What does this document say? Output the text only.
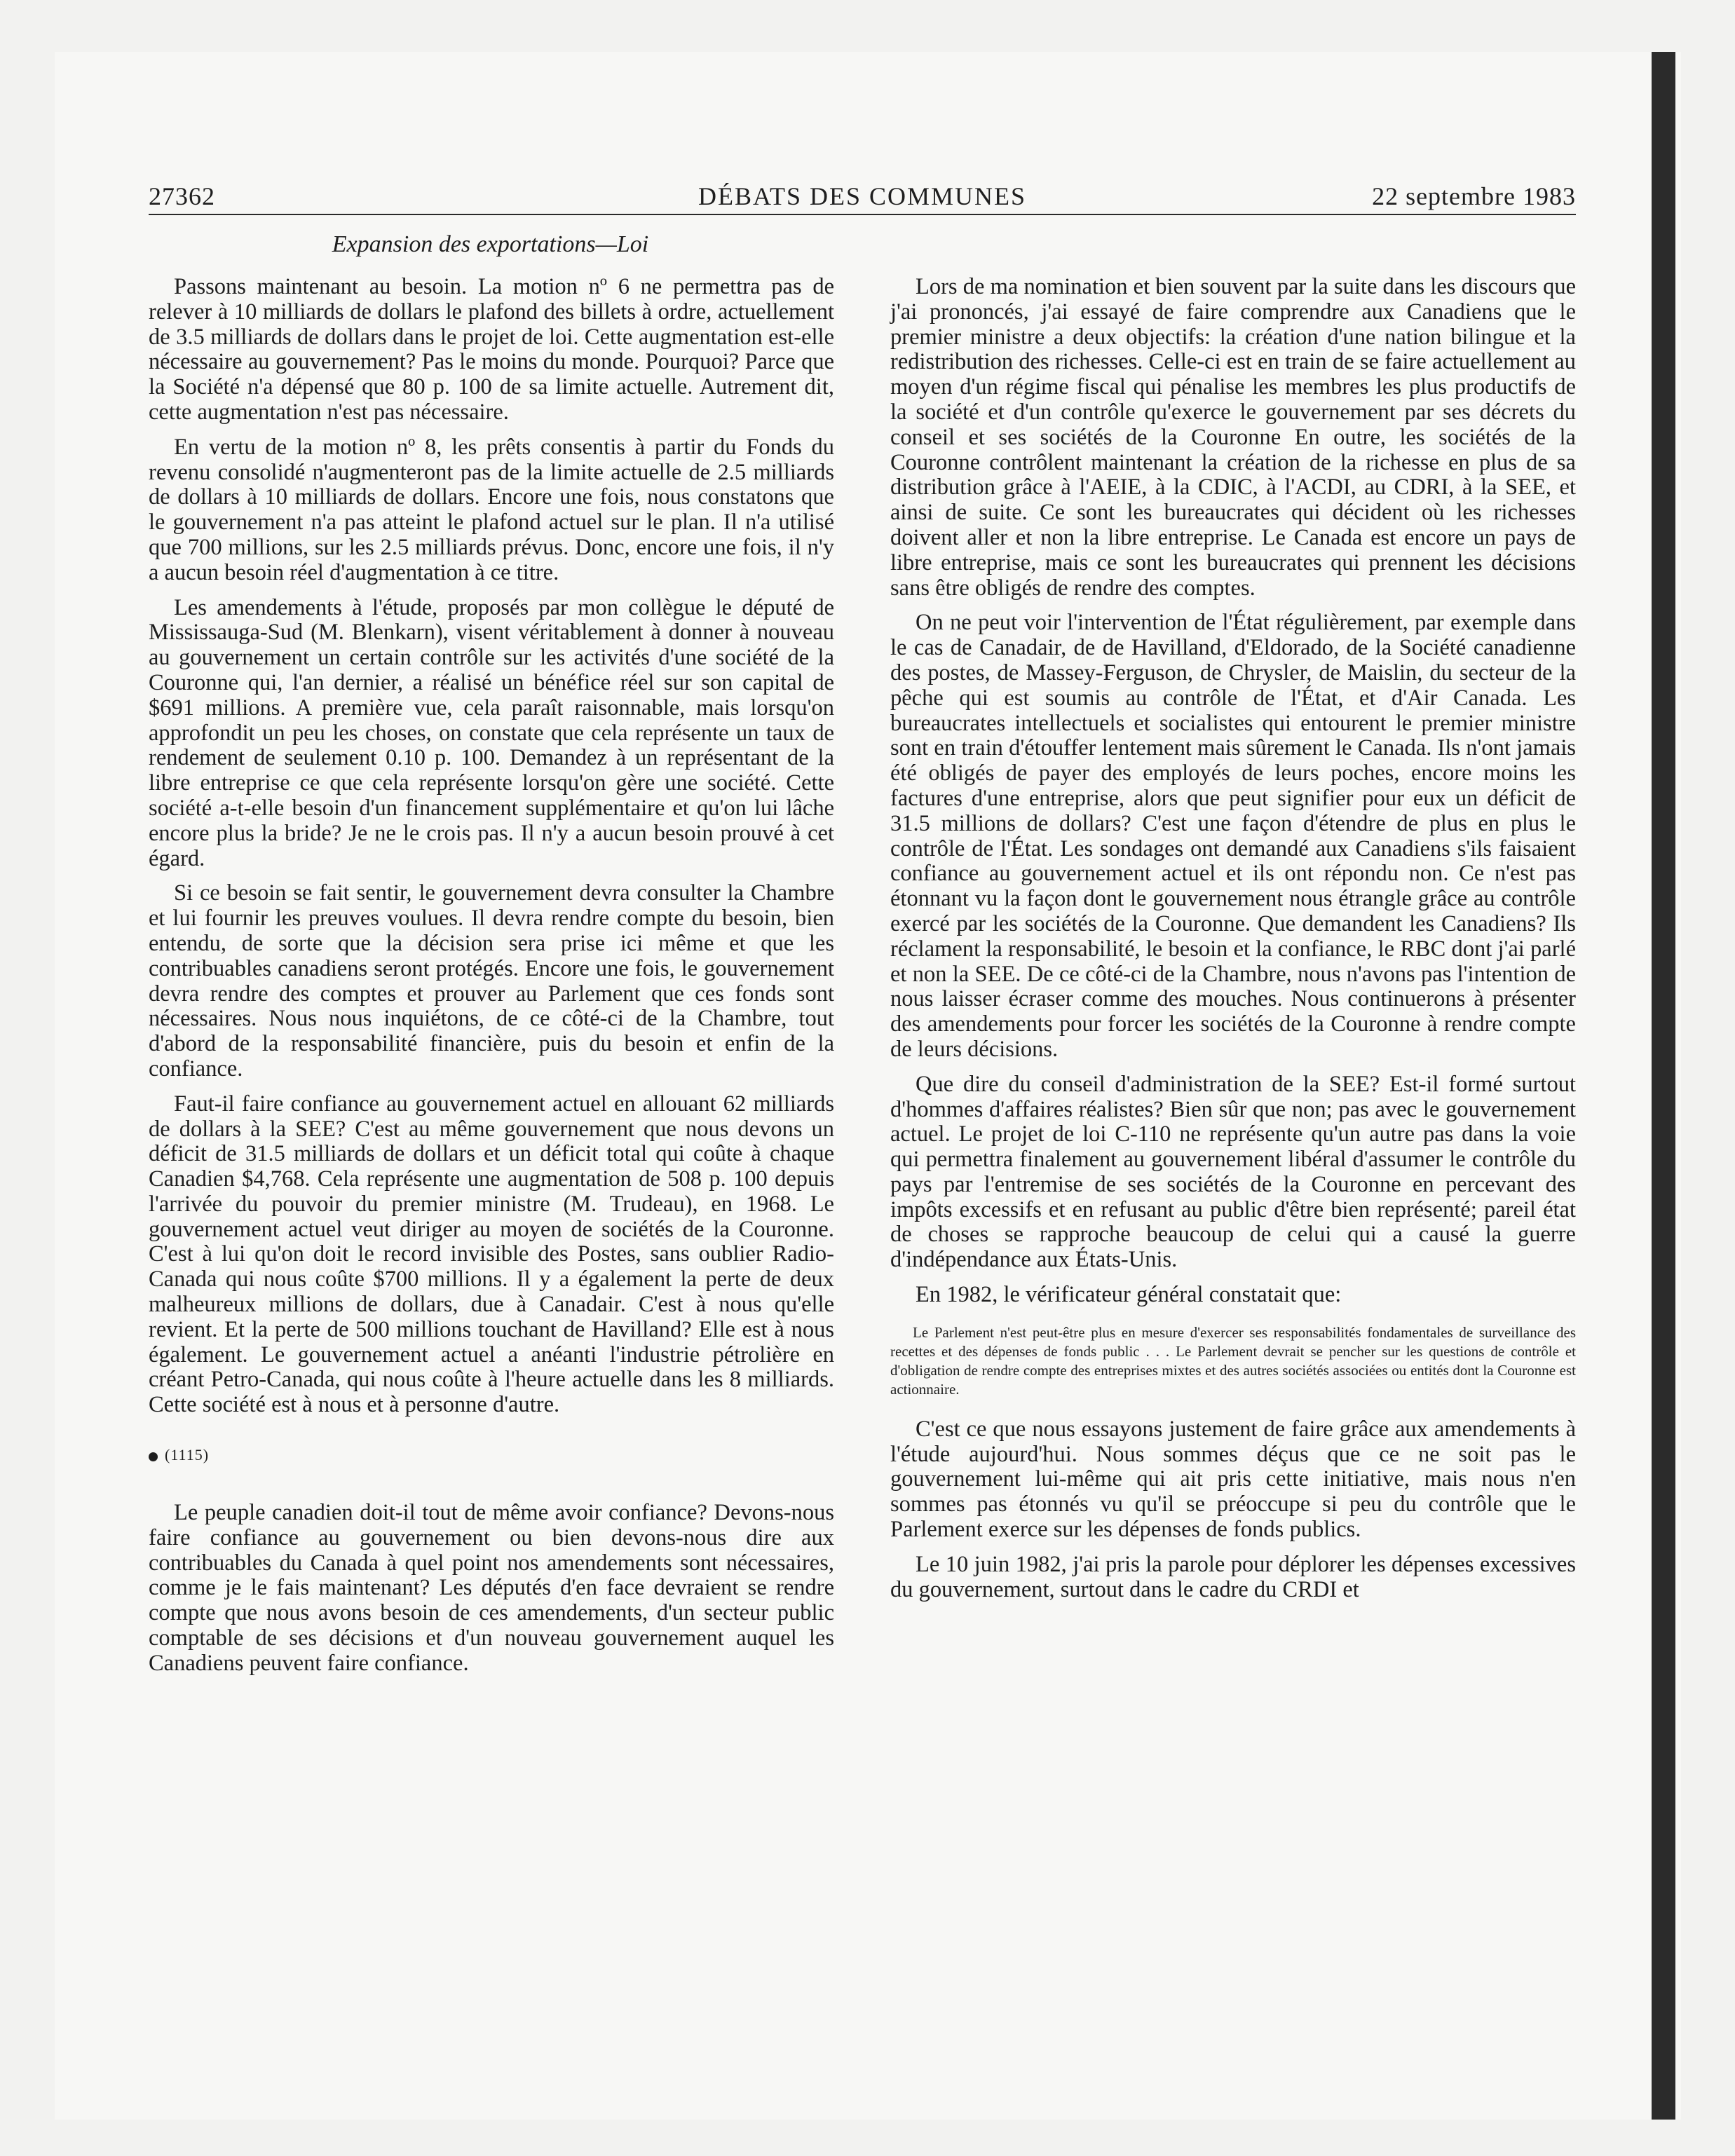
27362	DÉBATS DES COMMUNES	22 septembre 1983
Expansion des exportations—Loi

Passons maintenant au besoin. La motion nº 6 ne permettra pas de relever à 10 milliards de dollars le plafond des billets à ordre, actuellement de 3.5 milliards de dollars dans le projet de loi. Cette augmentation est-elle nécessaire au gouvernement? Pas le moins du monde. Pourquoi? Parce que la Société n'a dépensé que 80 p. 100 de sa limite actuelle. Autrement dit, cette augmentation n'est pas nécessaire.

En vertu de la motion nº 8, les prêts consentis à partir du Fonds du revenu consolidé n'augmenteront pas de la limite actuelle de 2.5 milliards de dollars à 10 milliards de dollars. Encore une fois, nous constatons que le gouvernement n'a pas atteint le plafond actuel sur le plan. Il n'a utilisé que 700 millions, sur les 2.5 milliards prévus. Donc, encore une fois, il n'y a aucun besoin réel d'augmentation à ce titre.

Les amendements à l'étude, proposés par mon collègue le député de Mississauga-Sud (M. Blenkarn), visent véritablement à donner à nouveau au gouvernement un certain contrôle sur les activités d'une société de la Couronne qui, l'an dernier, a réalisé un bénéfice réel sur son capital de $691 millions. A première vue, cela paraît raisonnable, mais lorsqu'on approfondit un peu les choses, on constate que cela représente un taux de rendement de seulement 0.10 p. 100. Demandez à un représentant de la libre entreprise ce que cela représente lorsqu'on gère une société. Cette société a-t-elle besoin d'un financement supplémentaire et qu'on lui lâche encore plus la bride? Je ne le crois pas. Il n'y a aucun besoin prouvé à cet égard.

Si ce besoin se fait sentir, le gouvernement devra consulter la Chambre et lui fournir les preuves voulues. Il devra rendre compte du besoin, bien entendu, de sorte que la décision sera prise ici même et que les contribuables canadiens seront protégés. Encore une fois, le gouvernement devra rendre des comptes et prouver au Parlement que ces fonds sont nécessaires. Nous nous inquiétons, de ce côté-ci de la Chambre, tout d'abord de la responsabilité financière, puis du besoin et enfin de la confiance.

Faut-il faire confiance au gouvernement actuel en allouant 62 milliards de dollars à la SEE? C'est au même gouvernement que nous devons un déficit de 31.5 milliards de dollars et un déficit total qui coûte à chaque Canadien $4,768. Cela représente une augmentation de 508 p. 100 depuis l'arrivée du pouvoir du premier ministre (M. Trudeau), en 1968. Le gouvernement actuel veut diriger au moyen de sociétés de la Couronne. C'est à lui qu'on doit le record invisible des Postes, sans oublier Radio-Canada qui nous coûte $700 millions. Il y a également la perte de deux malheureux millions de dollars, due à Canadair. C'est à nous qu'elle revient. Et la perte de 500 millions touchant de Havilland? Elle est à nous également. Le gouvernement actuel a anéanti l'industrie pétrolière en créant Petro-Canada, qui nous coûte à l'heure actuelle dans les 8 milliards. Cette société est à nous et à personne d'autre.

(1115)

Le peuple canadien doit-il tout de même avoir confiance? Devons-nous faire confiance au gouvernement ou bien devons-nous dire aux contribuables du Canada à quel point nos amendements sont nécessaires, comme je le fais maintenant? Les députés d'en face devraient se rendre compte que nous avons besoin de ces amendements, d'un secteur public comptable de ses décisions et d'un nouveau gouvernement auquel les Canadiens peuvent faire confiance.

Lors de ma nomination et bien souvent par la suite dans les discours que j'ai prononcés, j'ai essayé de faire comprendre aux Canadiens que le premier ministre a deux objectifs: la création d'une nation bilingue et la redistribution des richesses. Celle-ci est en train de se faire actuellement au moyen d'un régime fiscal qui pénalise les membres les plus productifs de la société et d'un contrôle qu'exerce le gouvernement par ses décrets du conseil et ses sociétés de la Couronne En outre, les sociétés de la Couronne contrôlent maintenant la création de la richesse en plus de sa distribution grâce à l'AEIE, à la CDIC, à l'ACDI, au CDRI, à la SEE, et ainsi de suite. Ce sont les bureaucrates qui décident où les richesses doivent aller et non la libre entreprise. Le Canada est encore un pays de libre entreprise, mais ce sont les bureaucrates qui prennent les décisions sans être obligés de rendre des comptes.

On ne peut voir l'intervention de l'État régulièrement, par exemple dans le cas de Canadair, de de Havilland, d'Eldorado, de la Société canadienne des postes, de Massey-Ferguson, de Chrysler, de Maislin, du secteur de la pêche qui est soumis au contrôle de l'État, et d'Air Canada. Les bureaucrates intellectuels et socialistes qui entourent le premier ministre sont en train d'étouffer lentement mais sûrement le Canada. Ils n'ont jamais été obligés de payer des employés de leurs poches, encore moins les factures d'une entreprise, alors que peut signifier pour eux un déficit de 31.5 millions de dollars? C'est une façon d'étendre de plus en plus le contrôle de l'État. Les sondages ont demandé aux Canadiens s'ils faisaient confiance au gouvernement actuel et ils ont répondu non. Ce n'est pas étonnant vu la façon dont le gouvernement nous étrangle grâce au contrôle exercé par les sociétés de la Couronne. Que demandent les Canadiens? Ils réclament la responsabilité, le besoin et la confiance, le RBC dont j'ai parlé et non la SEE. De ce côté-ci de la Chambre, nous n'avons pas l'intention de nous laisser écraser comme des mouches. Nous continuerons à présenter des amendements pour forcer les sociétés de la Couronne à rendre compte de leurs décisions.

Que dire du conseil d'administration de la SEE? Est-il formé surtout d'hommes d'affaires réalistes? Bien sûr que non; pas avec le gouvernement actuel. Le projet de loi C-110 ne représente qu'un autre pas dans la voie qui permettra finalement au gouvernement libéral d'assumer le contrôle du pays par l'entremise de ses sociétés de la Couronne en percevant des impôts excessifs et en refusant au public d'être bien représenté; pareil état de choses se rapproche beaucoup de celui qui a causé la guerre d'indépendance aux États-Unis.

En 1982, le vérificateur général constatait que:

Le Parlement n'est peut-être plus en mesure d'exercer ses responsabilités fondamentales de surveillance des recettes et des dépenses de fonds public . . . Le Parlement devrait se pencher sur les questions de contrôle et d'obligation de rendre compte des entreprises mixtes et des autres sociétés associées ou entités dont la Couronne est actionnaire.

C'est ce que nous essayons justement de faire grâce aux amendements à l'étude aujourd'hui. Nous sommes déçus que ce ne soit pas le gouvernement lui-même qui ait pris cette initiative, mais nous n'en sommes pas étonnés vu qu'il se préoccupe si peu du contrôle que le Parlement exerce sur les dépenses de fonds publics.

Le 10 juin 1982, j'ai pris la parole pour déplorer les dépenses excessives du gouvernement, surtout dans le cadre du CRDI et
